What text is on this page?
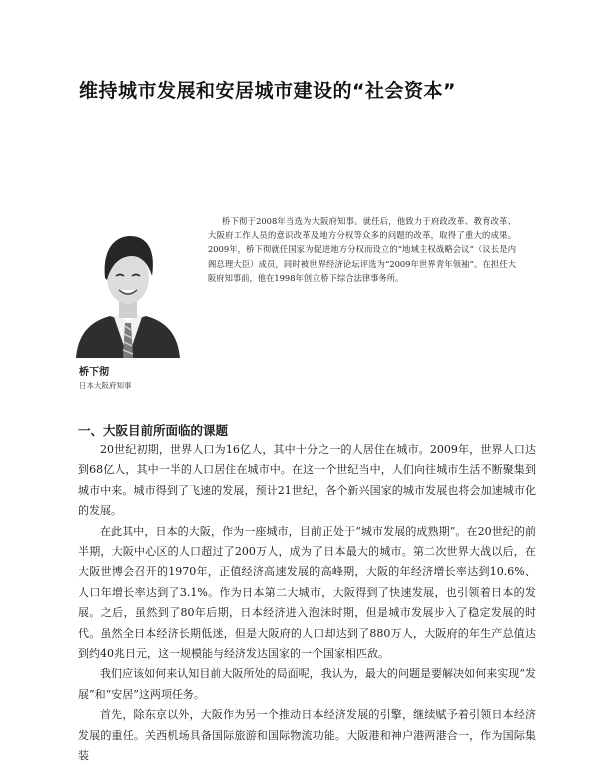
维持城市发展和安居城市建设的“社会资本”

桥下彻于2008年当选为大阪府知事。就任后，他致力于府政改革、教育改革、大阪府工作人员的意识改革及地方分权等众多的问题的改革，取得了重大的成果。2009年，桥下彻就任国家为促进地方分权而设立的“地域主权战略会议”（议长是内阁总理大臣）成员，同时被世界经济论坛评选为“2009年世界青年领袖”。在担任大阪府知事前，他在1998年创立桥下综合法律事务所。

桥下彻
日本大阪府知事
一、大阪目前所面临的课题

20世纪初期，世界人口为16亿人，其中十分之一的人居住在城市。2009年，世界人口达到68亿人，其中一半的人口居住在城市中。在这一个世纪当中，人们向往城市生活不断聚集到城市中来。城市得到了飞速的发展，预计21世纪，各个新兴国家的城市发展也将会加速城市化的发展。

在此其中，日本的大阪，作为一座城市，目前正处于“城市发展的成熟期”。在20世纪的前半期，大阪中心区的人口超过了200万人，成为了日本最大的城市。第二次世界大战以后，在大阪世博会召开的1970年，正值经济高速发展的高峰期，大阪的年经济增长率达到10.6%、人口年增长率达到了3.1%。作为日本第二大城市，大阪得到了快速发展，也引领着日本的发展。之后，虽然到了80年后期，日本经济进入泡沫时期，但是城市发展步入了稳定发展的时代。虽然全日本经济长期低迷，但是大阪府的人口却达到了880万人，大阪府的年生产总值达到约40兆日元，这一规模能与经济发达国家的一个国家相匹敌。

我们应该如何来认知目前大阪所处的局面呢，我认为，最大的问题是要解决如何来实现“发展”和“安居”这两项任务。

首先，除东京以外，大阪作为另一个推动日本经济发展的引擎，继续赋予着引领日本经济发展的重任。关西机场具备国际旅游和国际物流功能。大阪港和神户港两港合一，作为国际集装
